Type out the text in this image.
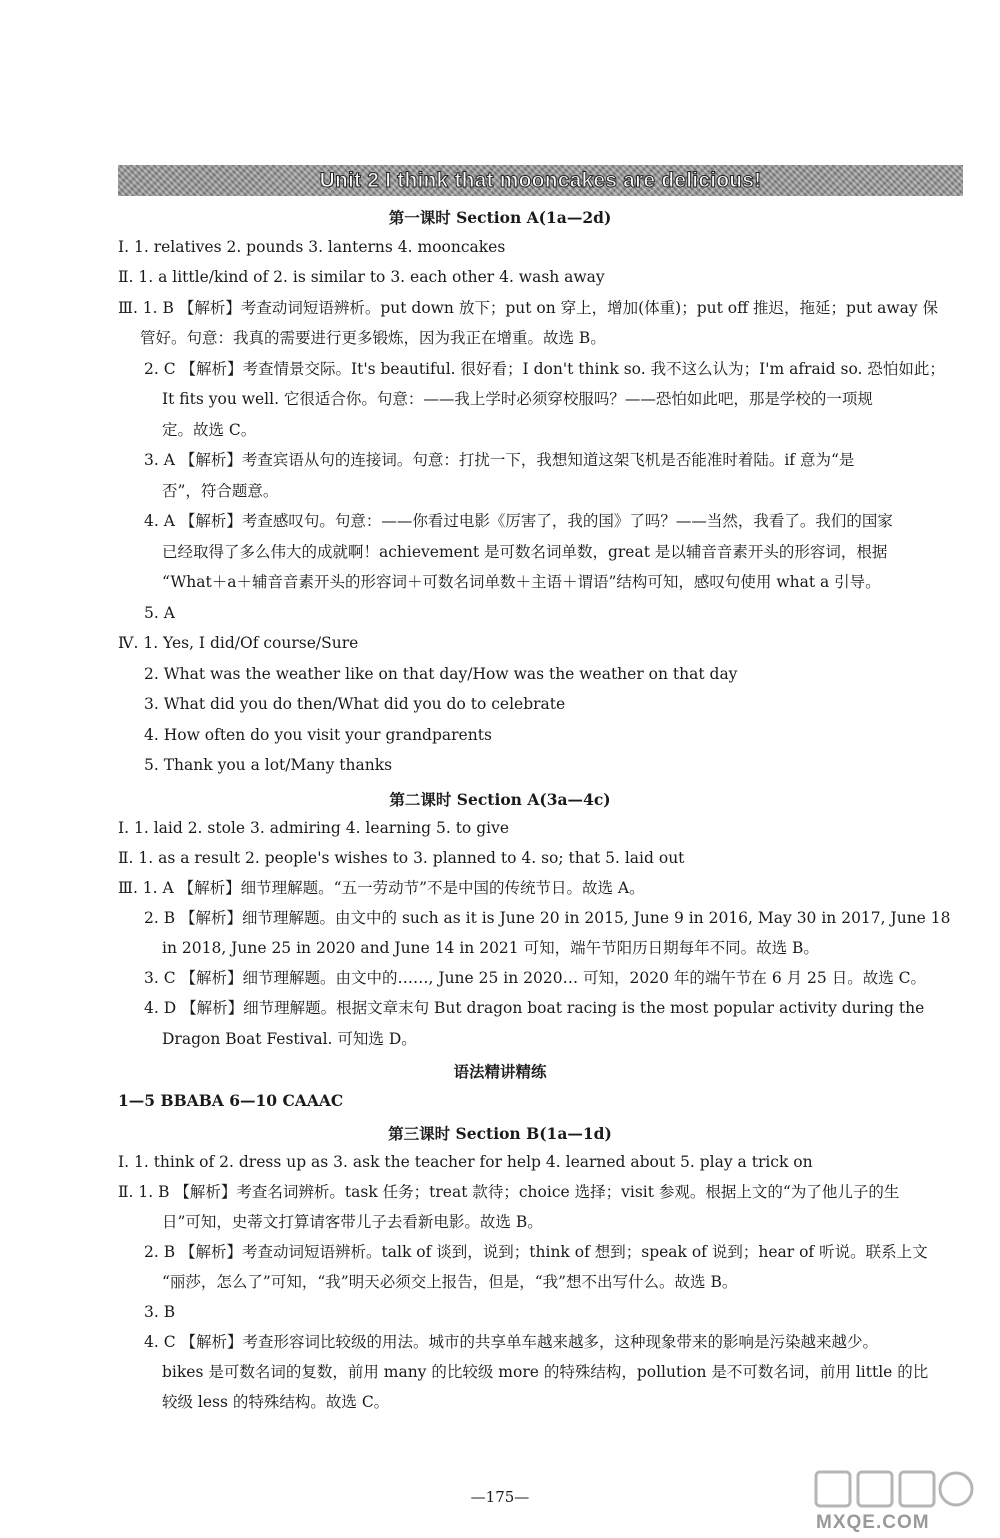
Unit 2 I think that mooncakes are delicious!
第一课时 Section A(1a—2d)
Ⅰ. 1. relatives 2. pounds 3. lanterns 4. mooncakes
Ⅱ. 1. a little/kind of 2. is similar to 3. each other 4. wash away
Ⅲ. 1. B 【解析】考查动词短语辨析。put down 放下；put on 穿上，增加(体重)；put off 推迟，拖延；put away 保
管好。句意：我真的需要进行更多锻炼，因为我正在增重。故选 B。
2. C 【解析】考查情景交际。It's beautiful. 很好看；I don't think so. 我不这么认为；I'm afraid so. 恐怕如此；
It fits you well. 它很适合你。句意：——我上学时必须穿校服吗？——恐怕如此吧，那是学校的一项规
定。故选 C。
3. A 【解析】考查宾语从句的连接词。句意：打扰一下，我想知道这架飞机是否能准时着陆。if 意为“是
否”，符合题意。
4. A 【解析】考查感叹句。句意：——你看过电影《厉害了，我的国》了吗？——当然，我看了。我们的国家
已经取得了多么伟大的成就啊！achievement 是可数名词单数，great 是以辅音音素开头的形容词，根据
“What＋a＋辅音音素开头的形容词＋可数名词单数＋主语＋谓语”结构可知，感叹句使用 what a 引导。
5. A
Ⅳ. 1. Yes, I did/Of course/Sure
2. What was the weather like on that day/How was the weather on that day
3. What did you do then/What did you do to celebrate
4. How often do you visit your grandparents
5. Thank you a lot/Many thanks
第二课时 Section A(3a—4c)
Ⅰ. 1. laid 2. stole 3. admiring 4. learning 5. to give
Ⅱ. 1. as a result 2. people's wishes to 3. planned to 4. so; that 5. laid out
Ⅲ. 1. A 【解析】细节理解题。“五一劳动节”不是中国的传统节日。故选 A。
2. B 【解析】细节理解题。由文中的 such as it is June 20 in 2015, June 9 in 2016, May 30 in 2017, June 18
in 2018, June 25 in 2020 and June 14 in 2021 可知，端午节阳历日期每年不同。故选 B。
3. C 【解析】细节理解题。由文中的……, June 25 in 2020… 可知，2020 年的端午节在 6 月 25 日。故选 C。
4. D 【解析】细节理解题。根据文章末句 But dragon boat racing is the most popular activity during the
Dragon Boat Festival. 可知选 D。
语法精讲精练
1—5 BBABA 6—10 CAAAC
第三课时 Section B(1a—1d)
Ⅰ. 1. think of 2. dress up as 3. ask the teacher for help 4. learned about 5. play a trick on
Ⅱ. 1. B 【解析】考查名词辨析。task 任务；treat 款待；choice 选择；visit 参观。根据上文的“为了他儿子的生
日”可知，史蒂文打算请客带儿子去看新电影。故选 B。
2. B 【解析】考查动词短语辨析。talk of 谈到，说到；think of 想到；speak of 说到；hear of 听说。联系上文
“丽莎，怎么了”可知，“我”明天必须交上报告，但是，“我”想不出写什么。故选 B。
3. B
4. C 【解析】考查形容词比较级的用法。城市的共享单车越来越多，这种现象带来的影响是污染越来越少。
bikes 是可数名词的复数，前用 many 的比较级 more 的特殊结构，pollution 是不可数名词，前用 little 的比
较级 less 的特殊结构。故选 C。
—175—
MXQE.COM
